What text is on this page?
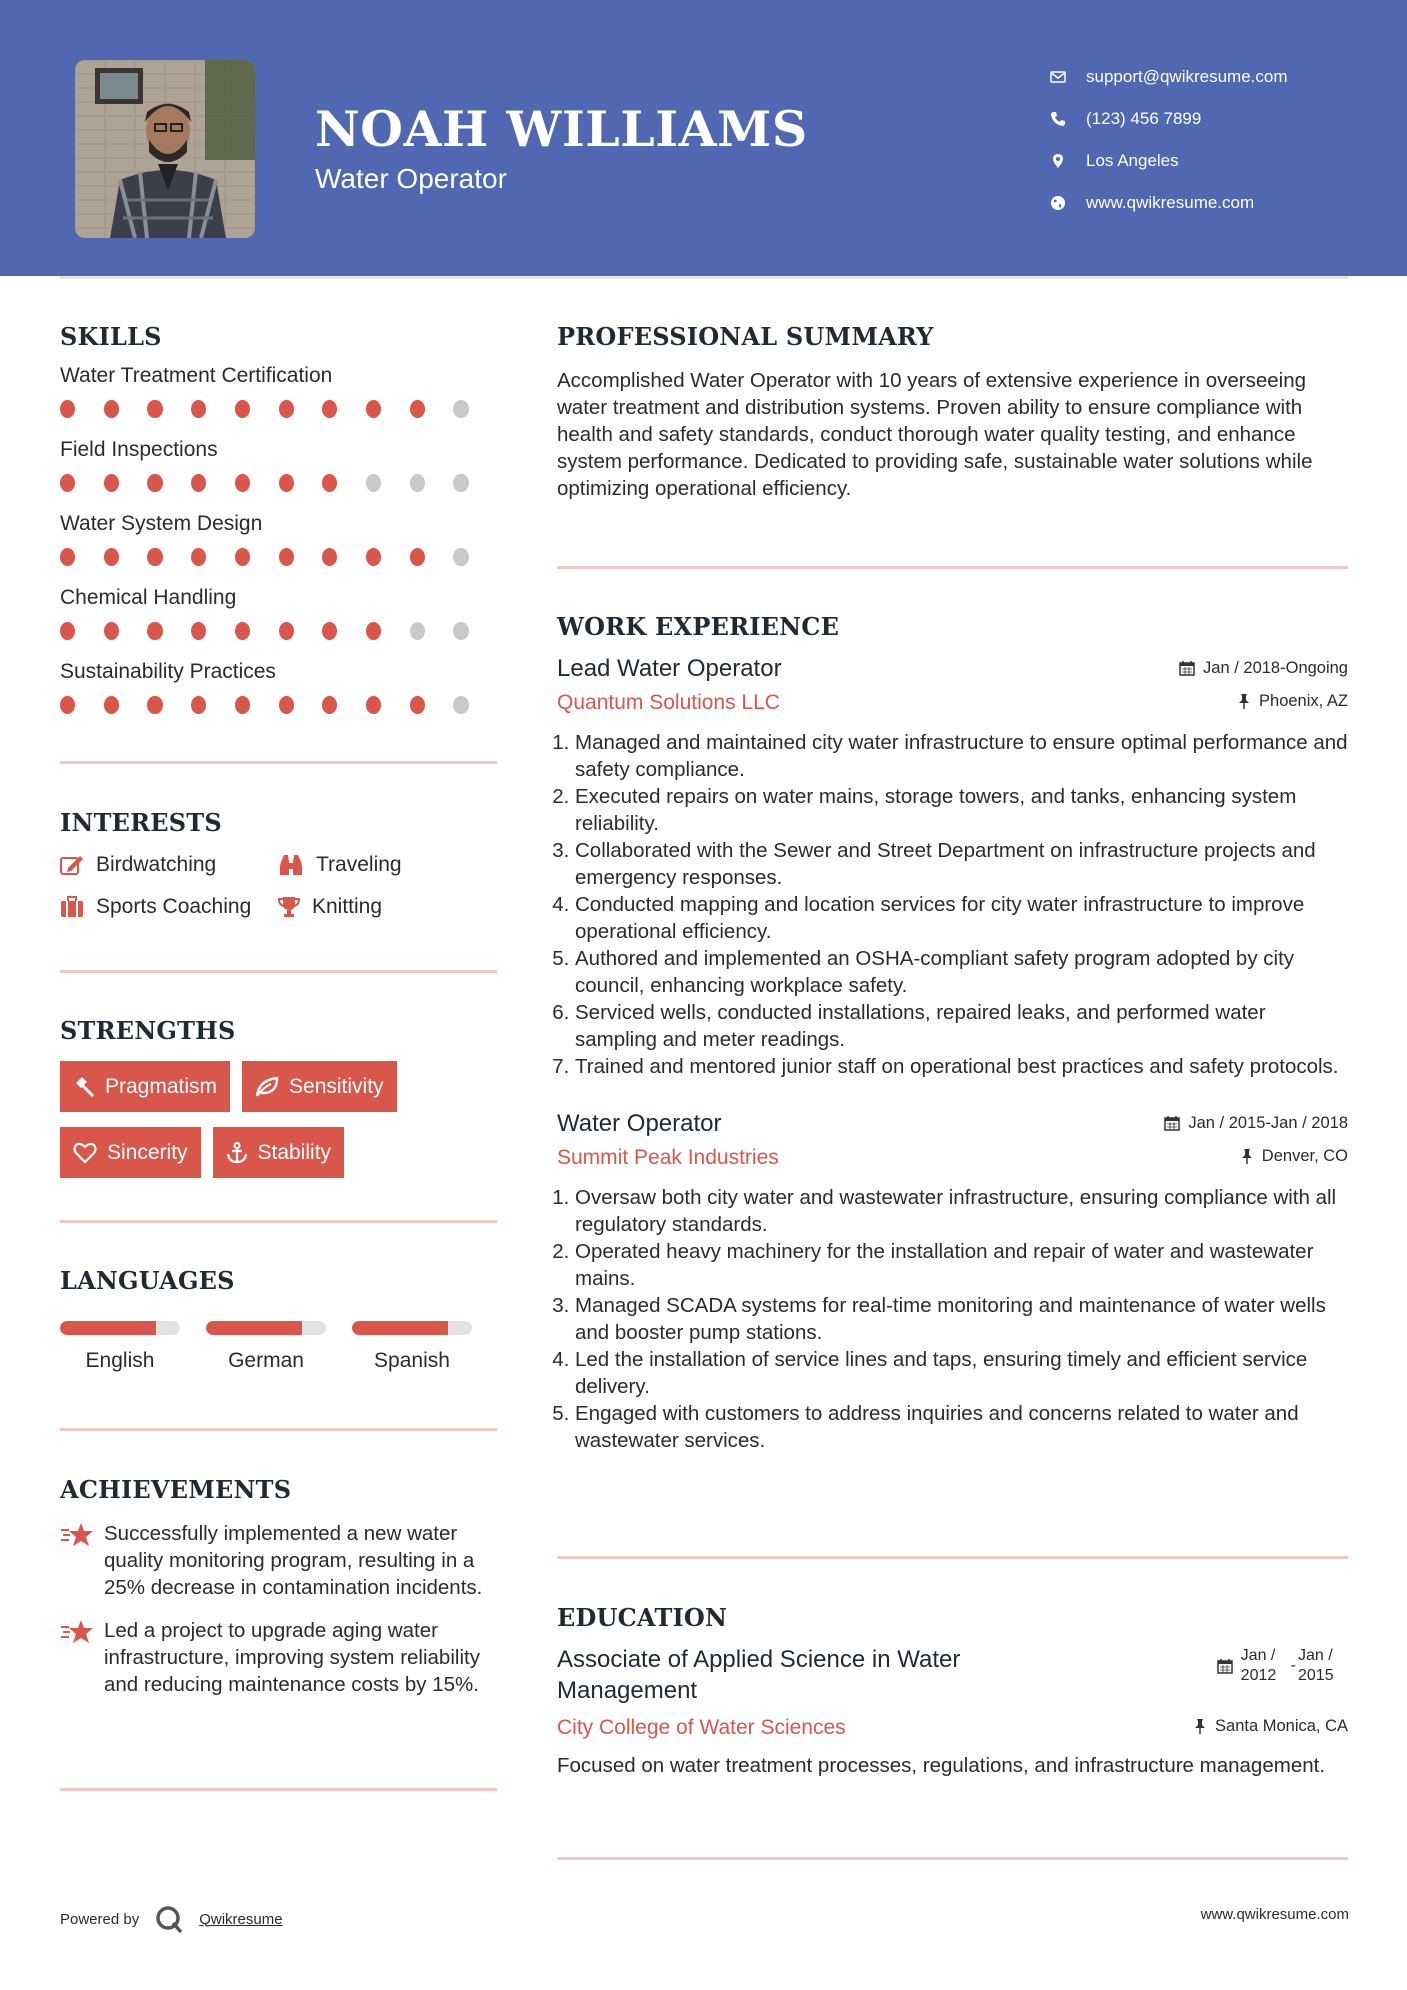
NOAH WILLIAMS
Water Operator
support@qwikresume.com
(123) 456 7899
Los Angeles
www.qwikresume.com
SKILLS
Water Treatment Certification
Field Inspections
Water System Design
Chemical Handling
Sustainability Practices
INTERESTS
Birdwatching	Traveling
Sports Coaching	Knitting
STRENGTHS
Pragmatism	Sensitivity

Sincerity	Stability
LANGUAGES
English	German	Spanish
ACHIEVEMENTS
Successfully implemented a new water quality monitoring program, resulting in a 25% decrease in contamination incidents.
Led a project to upgrade aging water infrastructure, improving system reliability and reducing maintenance costs by 15%.
PROFESSIONAL SUMMARY
Accomplished Water Operator with 10 years of extensive experience in overseeing water treatment and distribution systems. Proven ability to ensure compliance with health and safety standards, conduct thorough water quality testing, and enhance system performance. Dedicated to providing safe, sustainable water solutions while optimizing operational efficiency.
WORK EXPERIENCE
Lead Water Operator	Jan / 2018-Ongoing
Quantum Solutions LLC	Phoenix, AZ
1. Managed and maintained city water infrastructure to ensure optimal performance and safety compliance.
2. Executed repairs on water mains, storage towers, and tanks, enhancing system reliability.
3. Collaborated with the Sewer and Street Department on infrastructure projects and emergency responses.
4. Conducted mapping and location services for city water infrastructure to improve operational efficiency.
5. Authored and implemented an OSHA-compliant safety program adopted by city council, enhancing workplace safety.
6. Serviced wells, conducted installations, repaired leaks, and performed water sampling and meter readings.
7. Trained and mentored junior staff on operational best practices and safety protocols.
Water Operator	Jan / 2015-Jan / 2018
Summit Peak Industries	Denver, CO
1. Oversaw both city water and wastewater infrastructure, ensuring compliance with all regulatory standards.
2. Operated heavy machinery for the installation and repair of water and wastewater mains.
3. Managed SCADA systems for real-time monitoring and maintenance of water wells and booster pump stations.
4. Led the installation of service lines and taps, ensuring timely and efficient service delivery.
5. Engaged with customers to address inquiries and concerns related to water and wastewater services.
EDUCATION
Associate of Applied Science in Water Management
Jan / 2012
-
Jan / 2015
City College of Water Sciences	Santa Monica, CA
Focused on water treatment processes, regulations, and infrastructure management.
Powered by	Qwikresume	www.qwikresume.com
